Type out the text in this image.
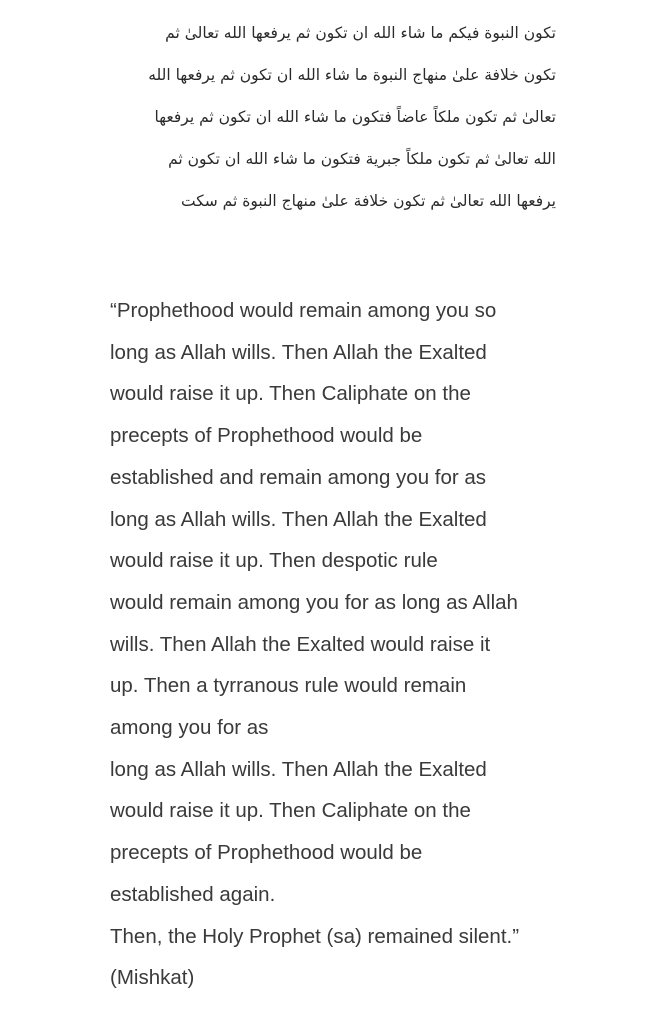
تكون النبوة فيكم ما شاء الله ان تكون ثم يرفعها الله تعالىٰ ثم
تكون خلافة علىٰ منهاج النبوة ما شاء الله ان تكون ثم يرفعها الله
تعالىٰ ثم تكون ملكاً عاضاً فتكون ما شاء الله ان تكون ثم يرفعها
الله تعالىٰ ثم تكون ملكاً جبرية فتكون ما شاء الله ان تكون ثم
يرفعها الله تعالىٰ ثم تكون خلافة علىٰ منهاج النبوة ثم سكت
“Prophethood would remain among you so
long as Allah wills. Then Allah the Exalted
would raise it up. Then Caliphate on the
precepts of Prophethood would be
established and remain among you for as
long as Allah wills. Then Allah the Exalted
would raise it up. Then despotic rule
would remain among you for as long as Allah
wills. Then Allah the Exalted would raise it
up. Then a tyrranous rule would remain
among you for as
long as Allah wills. Then Allah the Exalted
would raise it up. Then Caliphate on the
precepts of Prophethood would be
established again.
Then, the Holy Prophet (sa) remained silent.”
(Mishkat)
